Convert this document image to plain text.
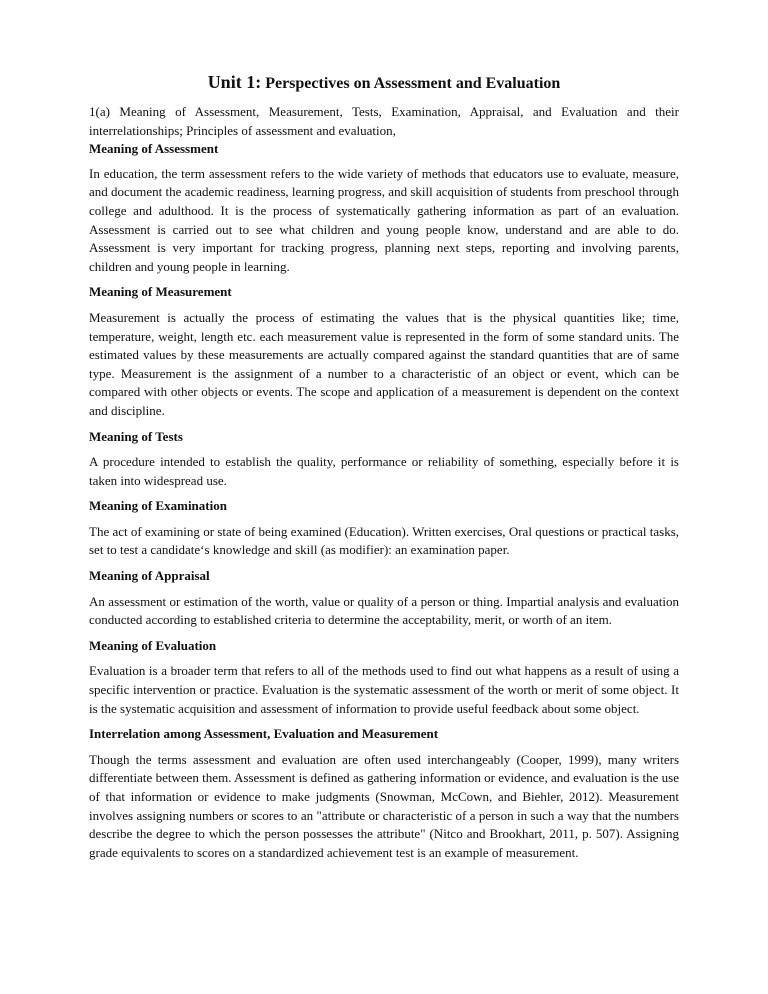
Unit 1: Perspectives on Assessment and Evaluation

1(a) Meaning of Assessment, Measurement, Tests, Examination, Appraisal, and Evaluation and their interrelationships; Principles of assessment and evaluation,

Meaning of Assessment

In education, the term assessment refers to the wide variety of methods that educators use to evaluate, measure, and document the academic readiness, learning progress, and skill acquisition of students from preschool through college and adulthood. It is the process of systematically gathering information as part of an evaluation. Assessment is carried out to see what children and young people know, understand and are able to do. Assessment is very important for tracking progress, planning next steps, reporting and involving parents, children and young people in learning.

Meaning of Measurement

Measurement is actually the process of estimating the values that is the physical quantities like; time, temperature, weight, length etc. each measurement value is represented in the form of some standard units. The estimated values by these measurements are actually compared against the standard quantities that are of same type. Measurement is the assignment of a number to a characteristic of an object or event, which can be compared with other objects or events. The scope and application of a measurement is dependent on the context and discipline.

Meaning of Tests

A procedure intended to establish the quality, performance or reliability of something, especially before it is taken into widespread use.

Meaning of Examination

The act of examining or state of being examined (Education). Written exercises, Oral questions or practical tasks, set to test a candidate‘s knowledge and skill (as modifier): an examination paper.

Meaning of Appraisal

An assessment or estimation of the worth, value or quality of a person or thing. Impartial analysis and evaluation conducted according to established criteria to determine the acceptability, merit, or worth of an item.

Meaning of Evaluation

Evaluation is a broader term that refers to all of the methods used to find out what happens as a result of using a specific intervention or practice. Evaluation is the systematic assessment of the worth or merit of some object. It is the systematic acquisition and assessment of information to provide useful feedback about some object.

Interrelation among Assessment, Evaluation and Measurement

Though the terms assessment and evaluation are often used interchangeably (Cooper, 1999), many writers differentiate between them. Assessment is defined as gathering information or evidence, and evaluation is the use of that information or evidence to make judgments (Snowman, McCown, and Biehler, 2012). Measurement involves assigning numbers or scores to an "attribute or characteristic of a person in such a way that the numbers describe the degree to which the person possesses the attribute" (Nitco and Brookhart, 2011, p. 507). Assigning grade equivalents to scores on a standardized achievement test is an example of measurement.
